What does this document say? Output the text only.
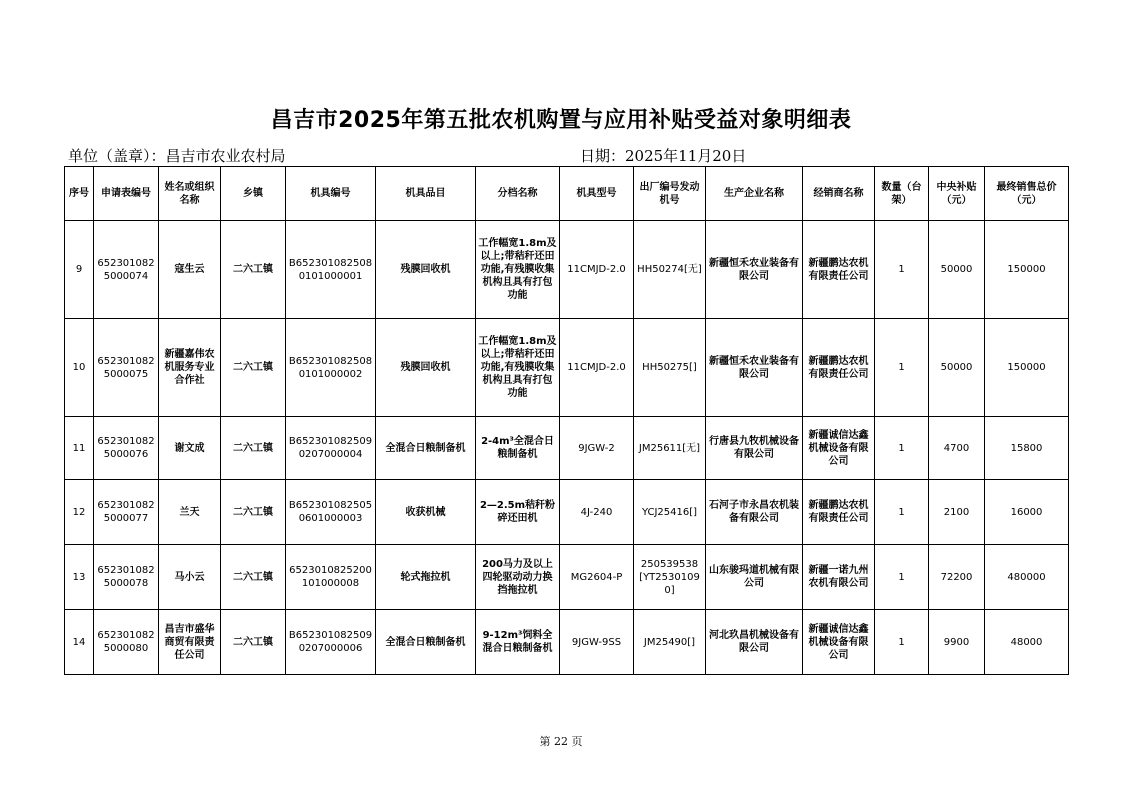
昌吉市2025年第五批农机购置与应用补贴受益对象明细表
单位（盖章）：昌吉市农业农村局	日期：2025年11月20日
序号	申请表编号	姓名或组织名称	乡镇	机具编号	机具品目	分档名称	机具型号	出厂编号发动机号	生产企业名称	经销商名称	数量（台架）	中央补贴（元）	最终销售总价（元）
9	6523010825000074	寇生云	二六工镇	B6523010825080101000001	残膜回收机	工作幅宽1.8m及以上;带秸秆还田功能,有残膜收集机构且具有打包功能	11CMJD-2.0	HH50274[无]	新疆恒禾农业装备有限公司	新疆鹏达农机有限责任公司	1	50000	150000
10	6523010825000075	新疆嘉伟农机服务专业合作社	二六工镇	B6523010825080101000002	残膜回收机	工作幅宽1.8m及以上;带秸秆还田功能,有残膜收集机构且具有打包功能	11CMJD-2.0	HH50275[]	新疆恒禾农业装备有限公司	新疆鹏达农机有限责任公司	1	50000	150000
11	6523010825000076	谢文成	二六工镇	B6523010825090207000004	全混合日粮制备机	2-4m³全混合日粮制备机	9JGW-2	JM25611[无]	行唐县九牧机械设备有限公司	新疆诚信达鑫机械设备有限公司	1	4700	15800
12	6523010825000077	兰天	二六工镇	B6523010825050601000003	收获机械	2—2.5m秸秆粉碎还田机	4J-240	YCJ25416[]	石河子市永昌农机装备有限公司	新疆鹏达农机有限责任公司	1	2100	16000
13	6523010825000078	马小云	二六工镇	6523010825200101000008	轮式拖拉机	200马力及以上四轮驱动动力换挡拖拉机	MG2604-P	250539538[YT25301090]	山东骏玛道机械有限公司	新疆一诺九州农机有限公司	1	72200	480000
14	6523010825000080	昌吉市盛华商贸有限责任公司	二六工镇	B6523010825090207000006	全混合日粮制备机	9-12m³饲料全混合日粮制备机	9JGW-9SS	JM25490[]	河北玖昌机械设备有限公司	新疆诚信达鑫机械设备有限公司	1	9900	48000
第 22 页
